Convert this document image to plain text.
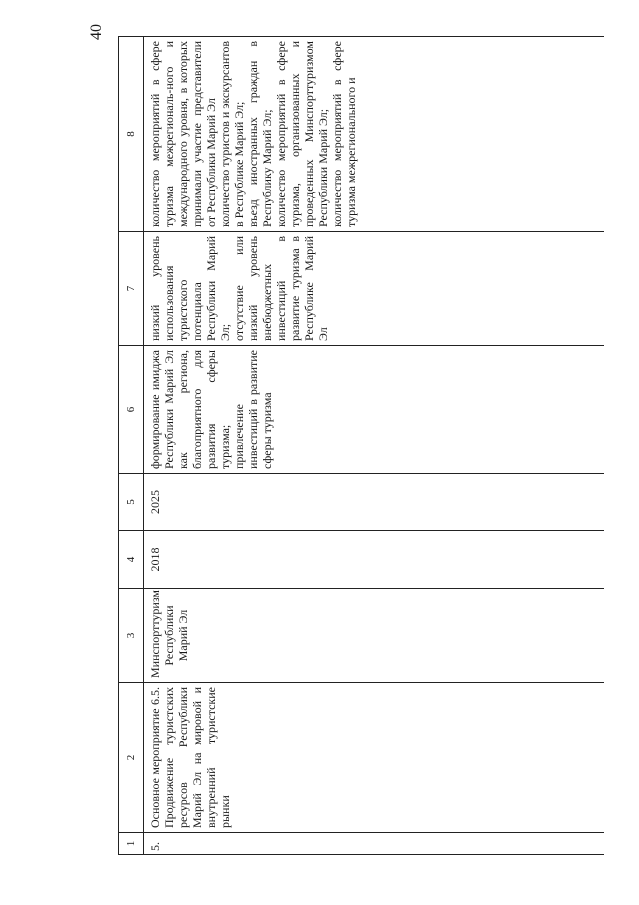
40
1	2	3	4	5	6	7	8
5.	Основное мероприятие 6.5. Продвижение туристских ресурсов Республики Марий Эл на мировой и внутренний туристские рынки	Минспорттуризм Республики Марий Эл	2018	2025	формирование имиджа Республики Марий Эл как региона, благоприятного для развития сферы туризма; привлечение инвестиций в развитие сферы туризма	низкий уровень использования туристского потенциала Республики Марий Эл; отсутствие или низкий уровень внебюджетных инвестиций в развитие туризма в Республике Марий Эл	количество мероприятий в сфере туризма межрегиональ-ного и международного уровня, в которых принимали участие представители от Республики Марий Эл количество туристов и экскурсантов в Республике Марий Эл; въезд иностранных граждан в Республику Марий Эл; количество мероприятий в сфере туризма, организованных и проведенных Минспорттуризмом Республики Марий Эл; количество мероприятий в сфере туризма межрегионального и
